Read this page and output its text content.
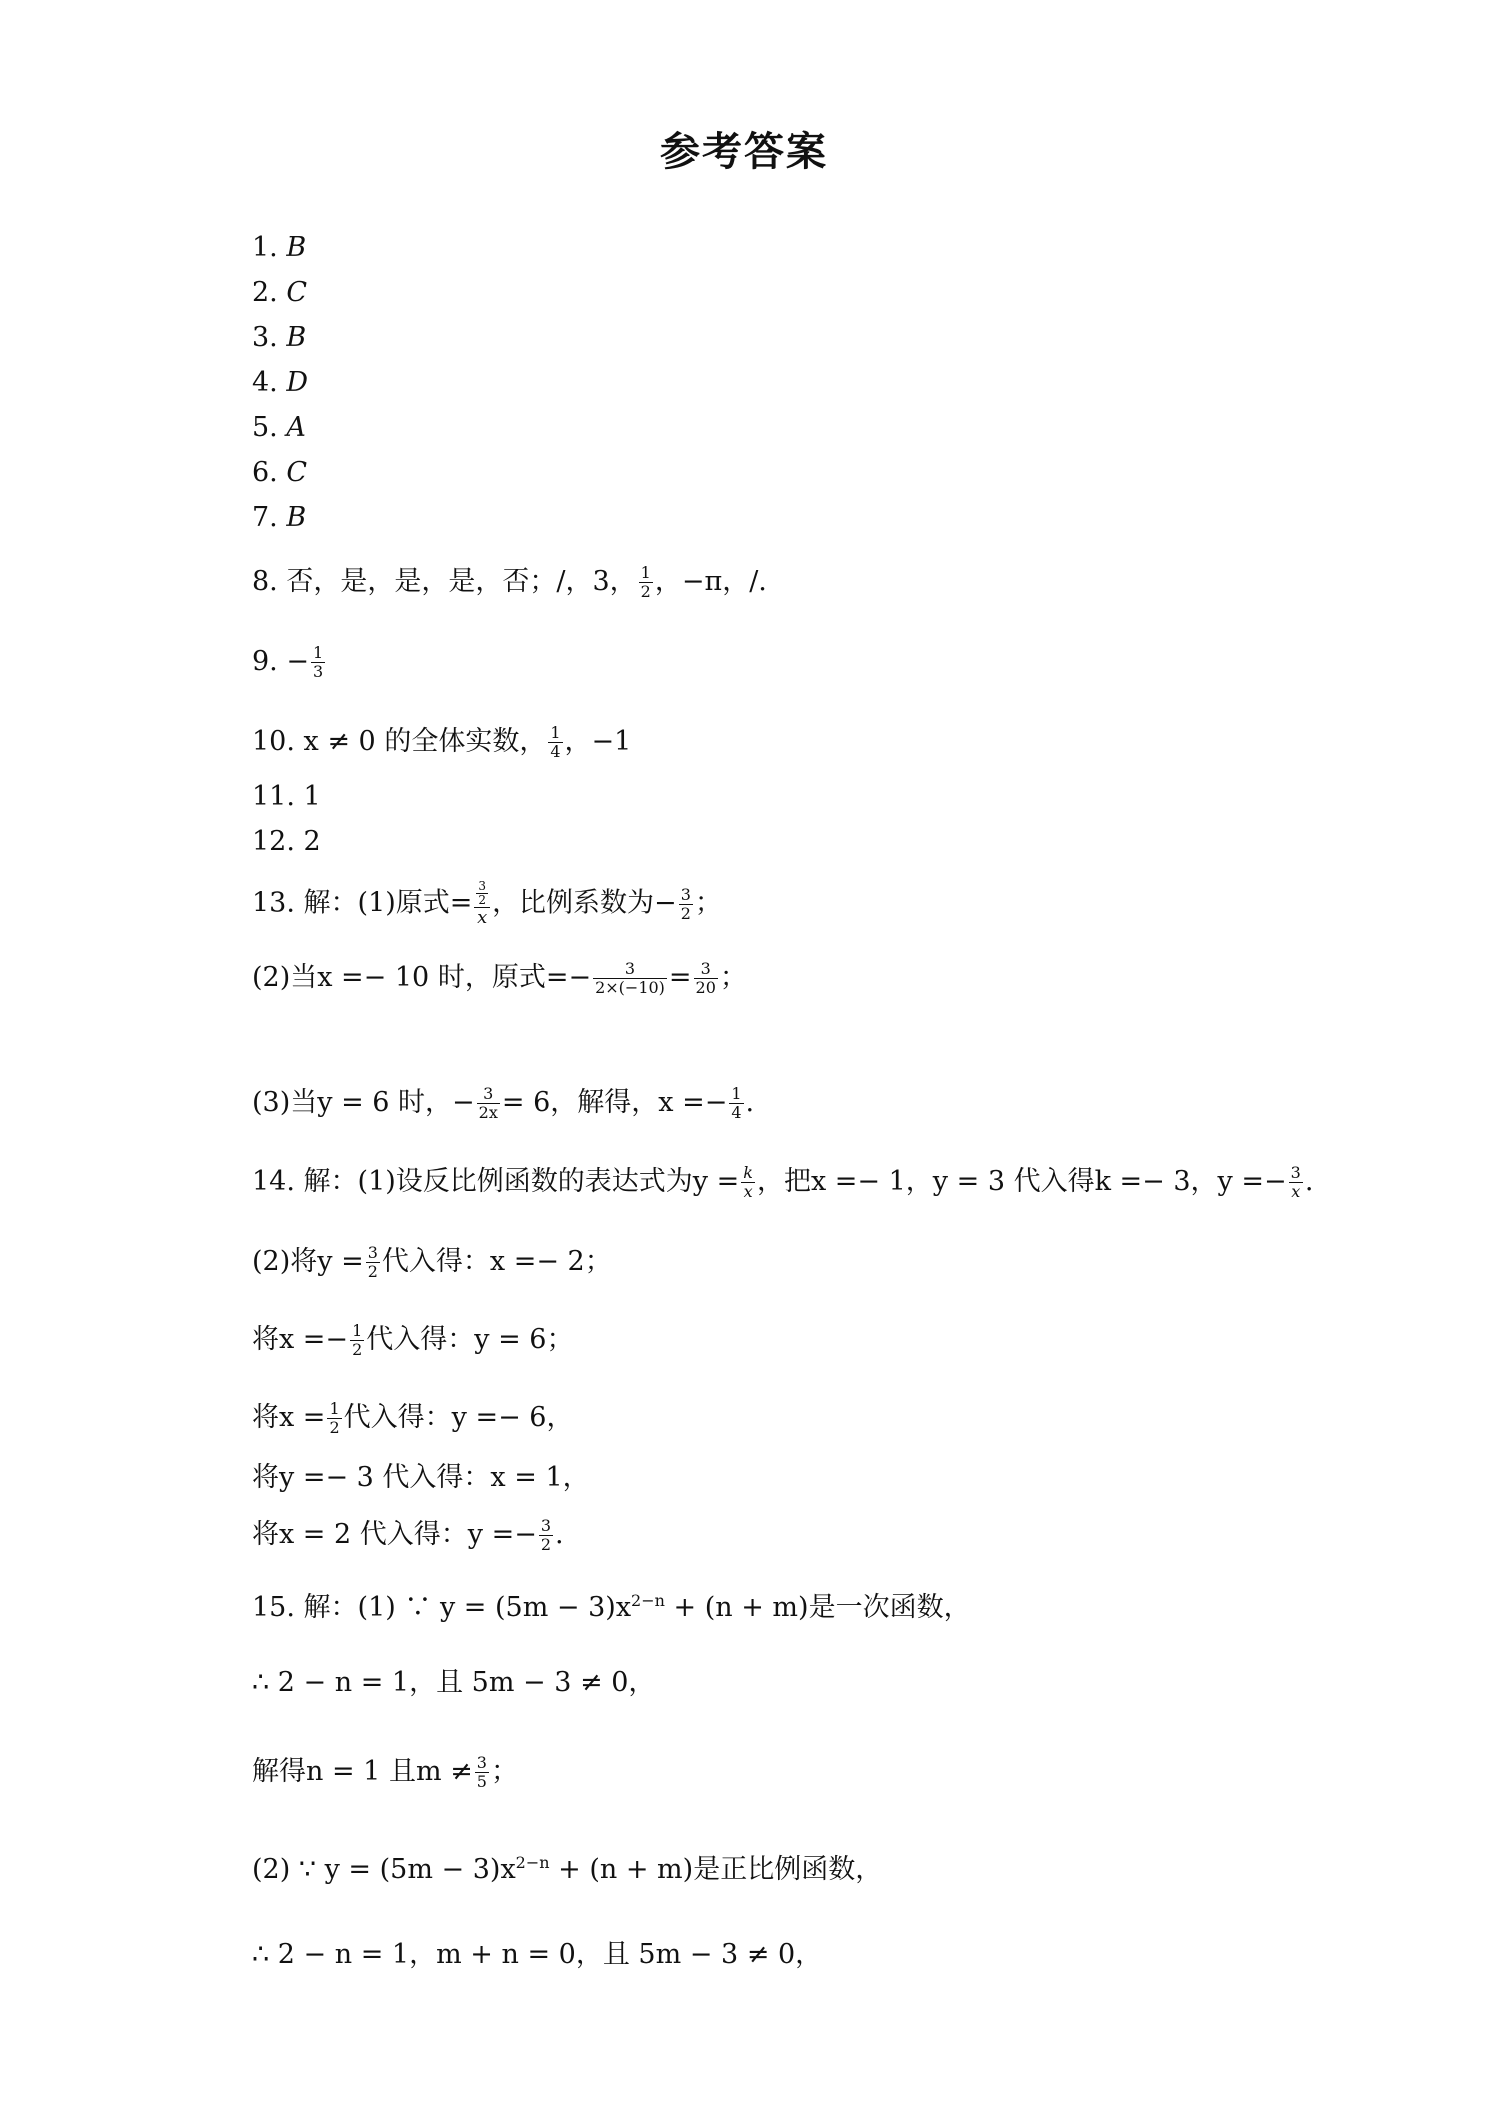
参考答案
1. B
2. C
3. B
4. D
5. A
6. C
7. B
8. 否，是，是，是，否；/，3， $\frac{1}{2}$ ，−π，/.
9. − $\frac{1}{3}$
10. x ≠ 0 的全体实数， $\frac{1}{4}$ ，−1
11. 1
12. 2
13. 解：(1)原式= $\frac{\frac{3}{2}}{x}$ ，比例系数为− $\frac{3}{2}$ ；
(2)当x =− 10 时，原式=− $\frac{3}{2\times(-10)} = \frac{3}{20}$ ；
(3)当y = 6 时，− $\frac{3}{2x} = 6$，解得，$x =- \frac{1}{4}$ .
14. 解：(1)设反比例函数的表达式为$y = \frac{k}{x}$ ，把x =− 1，y = 3 代入得k =− 3，$y =- \frac{3}{x}$ .
(2)将$y = \frac{3}{2}$ 代入得：x =− 2；
将$x =- \frac{1}{2}$ 代入得：y = 6；
将$x = \frac{1}{2}$ 代入得：y =− 6，
将y =− 3 代入得：x = 1，
将x = 2 代入得：$y =- \frac{3}{2}$ .
15. 解：(1) ∵ $y = (5m - 3)x^{2-n} + (n + m)$是一次函数，
∴ 2 − n = 1，且 5m − 3 ≠ 0，
解得n = 1 且$m \ne \frac{3}{5}$ ；
(2) ∵ $y = (5m - 3)x^{2-n} + (n + m)$是正比例函数，
∴ 2 − n = 1，m + n = 0，且 5m − 3 ≠ 0，
